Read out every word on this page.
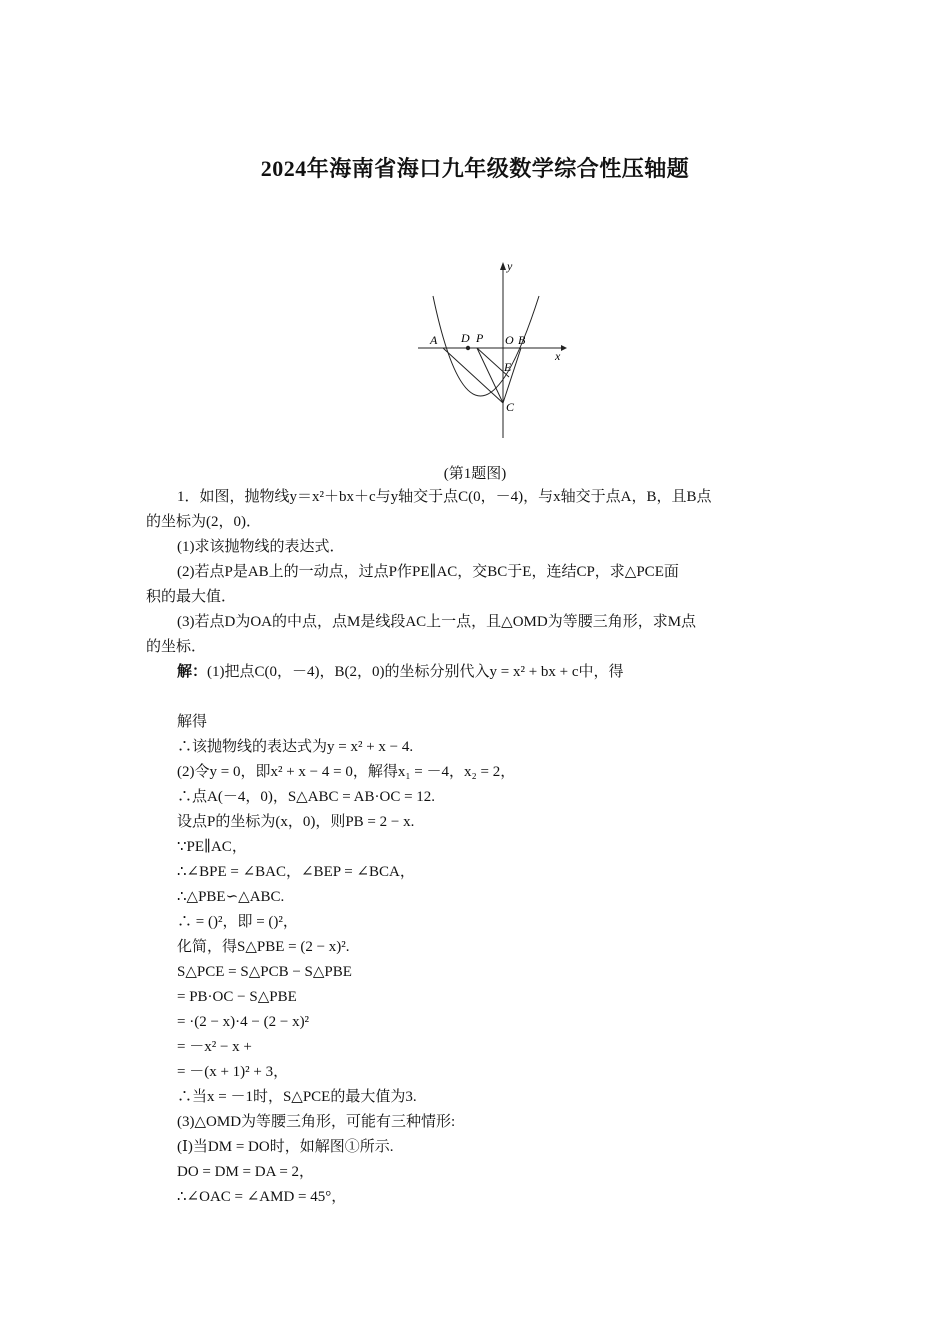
2024年海南省海口九年级数学综合性压轴题
y
x
A D P O B
E
C
(第1题图)
1．如图，抛物线y＝x²＋bx＋c与y轴交于点C(0，－4)，与x轴交于点A，B，且B点
的坐标为(2，0)．
(1)求该抛物线的表达式．
(2)若点P是AB上的一动点，过点P作PE∥AC，交BC于E，连结CP，求△PCE面
积的最大值．
(3)若点D为OA的中点，点M是线段AC上一点，且△OMD为等腰三角形，求M点
的坐标．
解：(1)把点C(0，－4)，B(2，0)的坐标分别代入y = x² + bx + c中，得
解得
∴该抛物线的表达式为y = x² + x − 4.
(2)令y = 0，即x² + x − 4 = 0，解得x₁ = －4，x₂ = 2，
∴点A(－4，0)，S△ABC = AB·OC = 12.
设点P的坐标为(x，0)，则PB = 2 − x.
∵PE∥AC，
∴∠BPE = ∠BAC，∠BEP = ∠BCA，
∴△PBE∽△ABC.
∴ = ()²，即 = ()²，
化简，得S△PBE = (2 − x)².
S△PCE = S△PCB − S△PBE
= PB·OC − S△PBE
= ·(2 − x)·4 − (2 − x)²
= －x² − x +
= －(x + 1)² + 3，
∴当x = －1时，S△PCE的最大值为3.
(3)△OMD为等腰三角形，可能有三种情形:
(Ⅰ)当DM = DO时，如解图①所示.
DO = DM = DA = 2，
∴∠OAC = ∠AMD = 45°，
